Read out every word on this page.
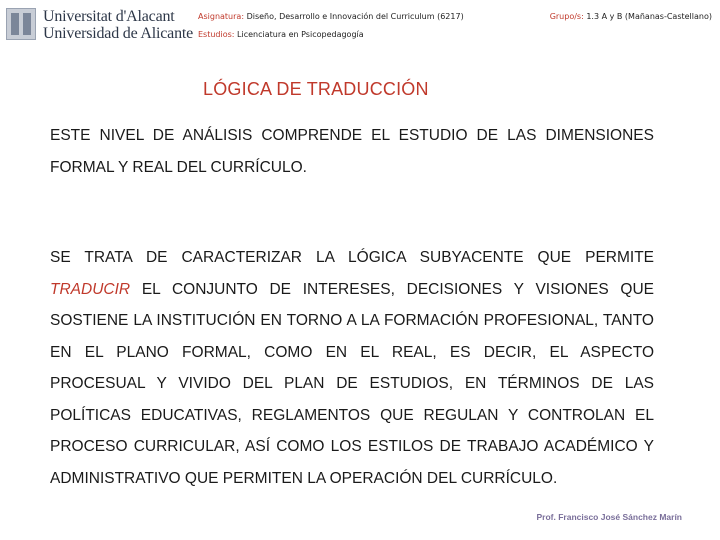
Universitat d'Alacant
Universidad de Alicante
Asignatura: Diseño, Desarrollo e Innovación del Curriculum (6217)	Grupo/s: 1.3 A y B (Mañanas-Castellano)
Estudios: Licenciatura en Psicopedagogía
LÓGICA DE TRADUCCIÓN

ESTE NIVEL DE ANÁLISIS COMPRENDE EL ESTUDIO DE LAS DIMENSIONES FORMAL Y REAL DEL CURRÍCULO.

SE TRATA DE CARACTERIZAR LA LÓGICA SUBYACENTE QUE PERMITE TRADUCIR EL CONJUNTO DE INTERESES, DECISIONES Y VISIONES QUE SOSTIENE LA INSTITUCIÓN EN TORNO A LA FORMACIÓN PROFESIONAL, TANTO EN EL PLANO FORMAL, COMO EN EL REAL, ES DECIR, EL ASPECTO PROCESUAL Y VIVIDO DEL PLAN DE ESTUDIOS, EN TÉRMINOS DE LAS POLÍTICAS EDUCATIVAS, REGLAMENTOS QUE REGULAN Y CONTROLAN EL PROCESO CURRICULAR, ASÍ COMO LOS ESTILOS DE TRABAJO ACADÉMICO Y ADMINISTRATIVO QUE PERMITEN LA OPERACIÓN DEL CURRÍCULO.

Prof. Francisco José Sánchez Marín
